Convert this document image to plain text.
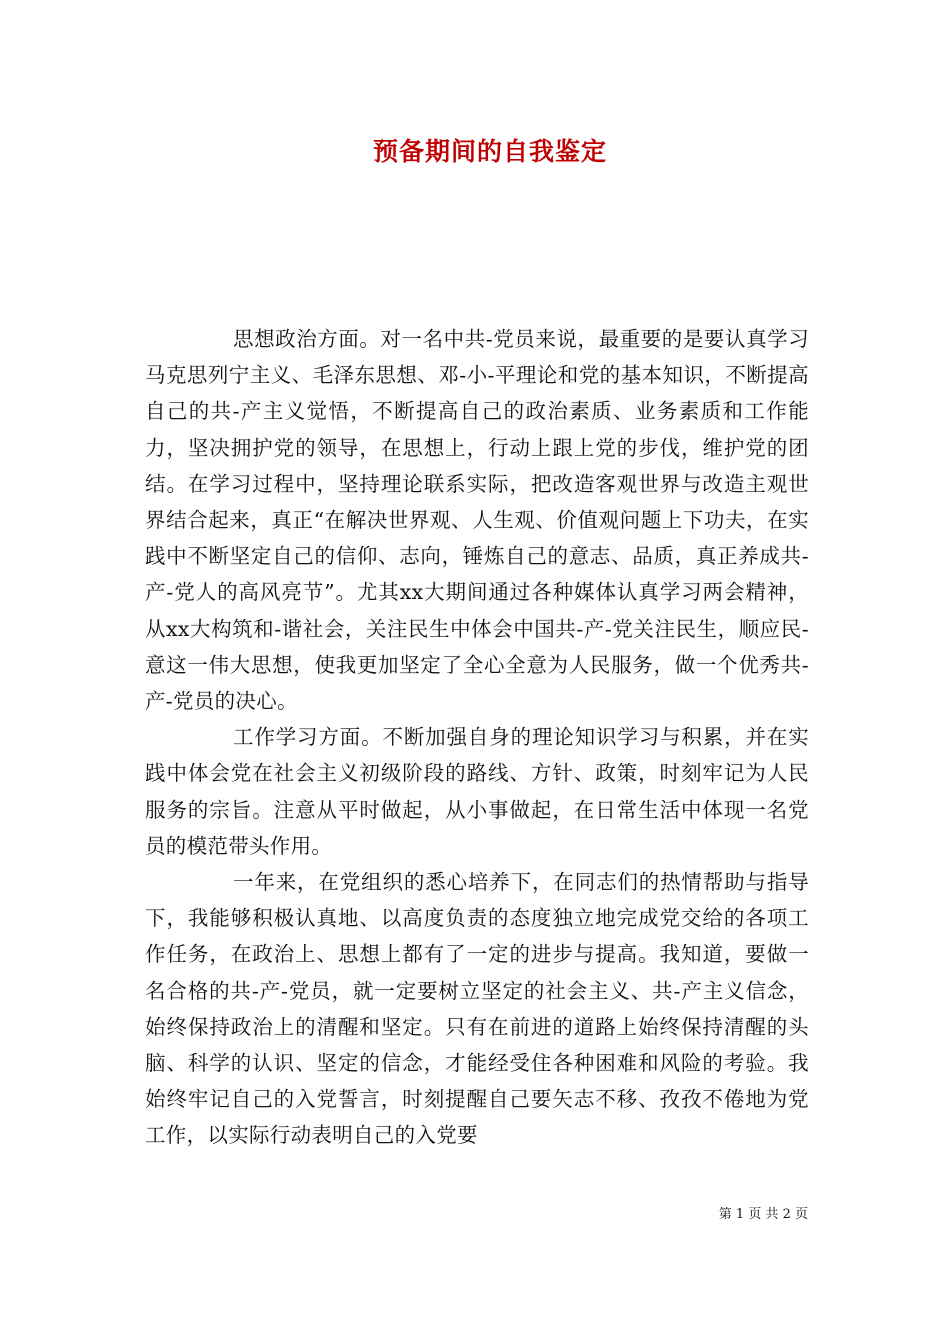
预备期间的自我鉴定

思想政治方面。对一名中共-党员来说，最重要的是要认真学习马克思列宁主义、毛泽东思想、邓-小-平理论和党的基本知识，不断提高自己的共-产主义觉悟，不断提高自己的政治素质、业务素质和工作能力，坚决拥护党的领导，在思想上，行动上跟上党的步伐，维护党的团结。在学习过程中，坚持理论联系实际，把改造客观世界与改造主观世界结合起来，真正“在解决世界观、人生观、价值观问题上下功夫，在实践中不断坚定自己的信仰、志向，锤炼自己的意志、品质，真正养成共-产-党人的高风亮节”。尤其xx大期间通过各种媒体认真学习两会精神，从xx大构筑和-谐社会，关注民生中体会中国共-产-党关注民生，顺应民-意这一伟大思想，使我更加坚定了全心全意为人民服务，做一个优秀共-产-党员的决心。

工作学习方面。不断加强自身的理论知识学习与积累，并在实践中体会党在社会主义初级阶段的路线、方针、政策，时刻牢记为人民服务的宗旨。注意从平时做起，从小事做起，在日常生活中体现一名党员的模范带头作用。

一年来，在党组织的悉心培养下，在同志们的热情帮助与指导下，我能够积极认真地、以高度负责的态度独立地完成党交给的各项工作任务，在政治上、思想上都有了一定的进步与提高。我知道，要做一名合格的共-产-党员，就一定要树立坚定的社会主义、共-产主义信念，始终保持政治上的清醒和坚定。只有在前进的道路上始终保持清醒的头脑、科学的认识、坚定的信念，才能经受住各种困难和风险的考验。我始终牢记自己的入党誓言，时刻提醒自己要矢志不移、孜孜不倦地为党工作，以实际行动表明自己的入党要

第 1 页 共 2 页
